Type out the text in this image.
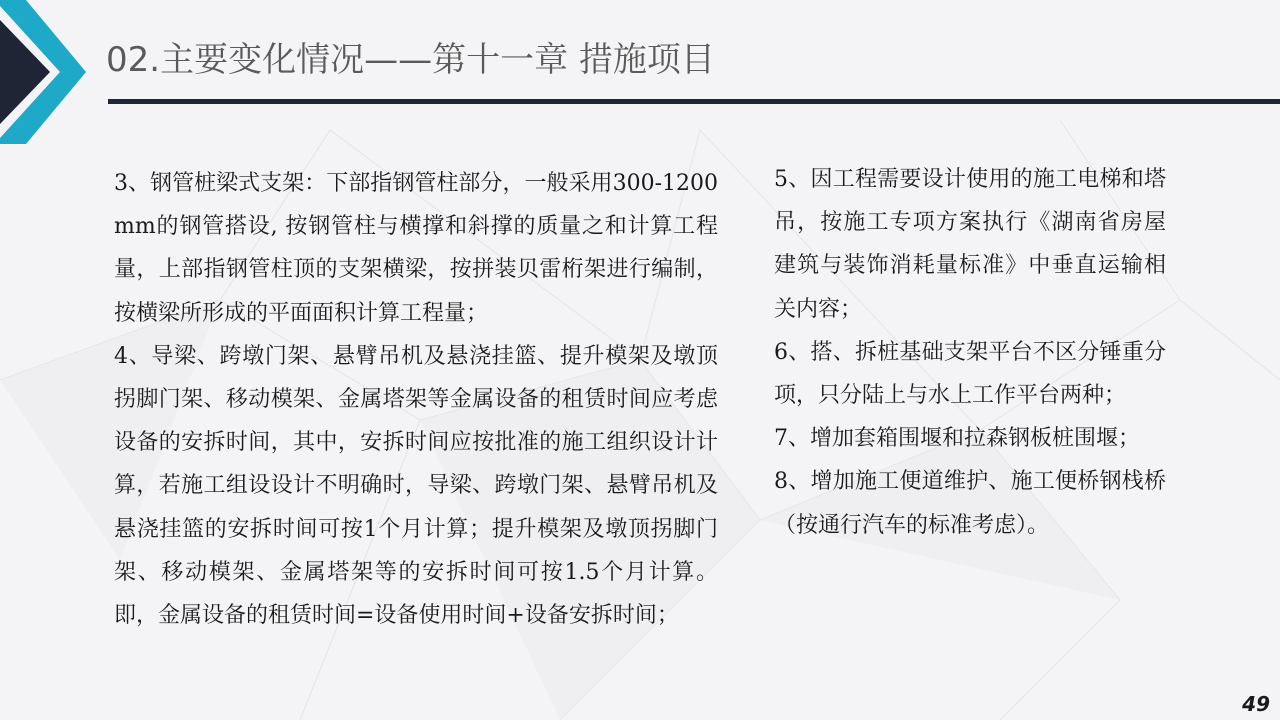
02.主要变化情况——第十一章 措施项目

3、钢管桩梁式支架：下部指钢管柱部分，一般采用300-1200mm的钢管搭设, 按钢管柱与横撑和斜撑的质量之和计算工程量，上部指钢管柱顶的支架横梁，按拼装贝雷桁架进行编制，按横梁所形成的平面面积计算工程量；

4、导梁、跨墩门架、悬臂吊机及悬浇挂篮、提升模架及墩顶拐脚门架、移动模架、金属塔架等金属设备的租赁时间应考虑设备的安拆时间，其中，安拆时间应按批准的施工组织设计计算，若施工组设设计不明确时，导梁、跨墩门架、悬臂吊机及悬浇挂篮的安拆时间可按1个月计算；提升模架及墩顶拐脚门架、移动模架、金属塔架等的安拆时间可按1.5个月计算。即，金属设备的租赁时间=设备使用时间+设备安拆时间；

5、因工程需要设计使用的施工电梯和塔吊，按施工专项方案执行《湖南省房屋建筑与装饰消耗量标准》中垂直运输相关内容；

6、搭、拆桩基础支架平台不区分锤重分项，只分陆上与水上工作平台两种；

7、增加套箱围堰和拉森钢板桩围堰；

8、增加施工便道维护、施工便桥钢栈桥（按通行汽车的标准考虑）。

49
